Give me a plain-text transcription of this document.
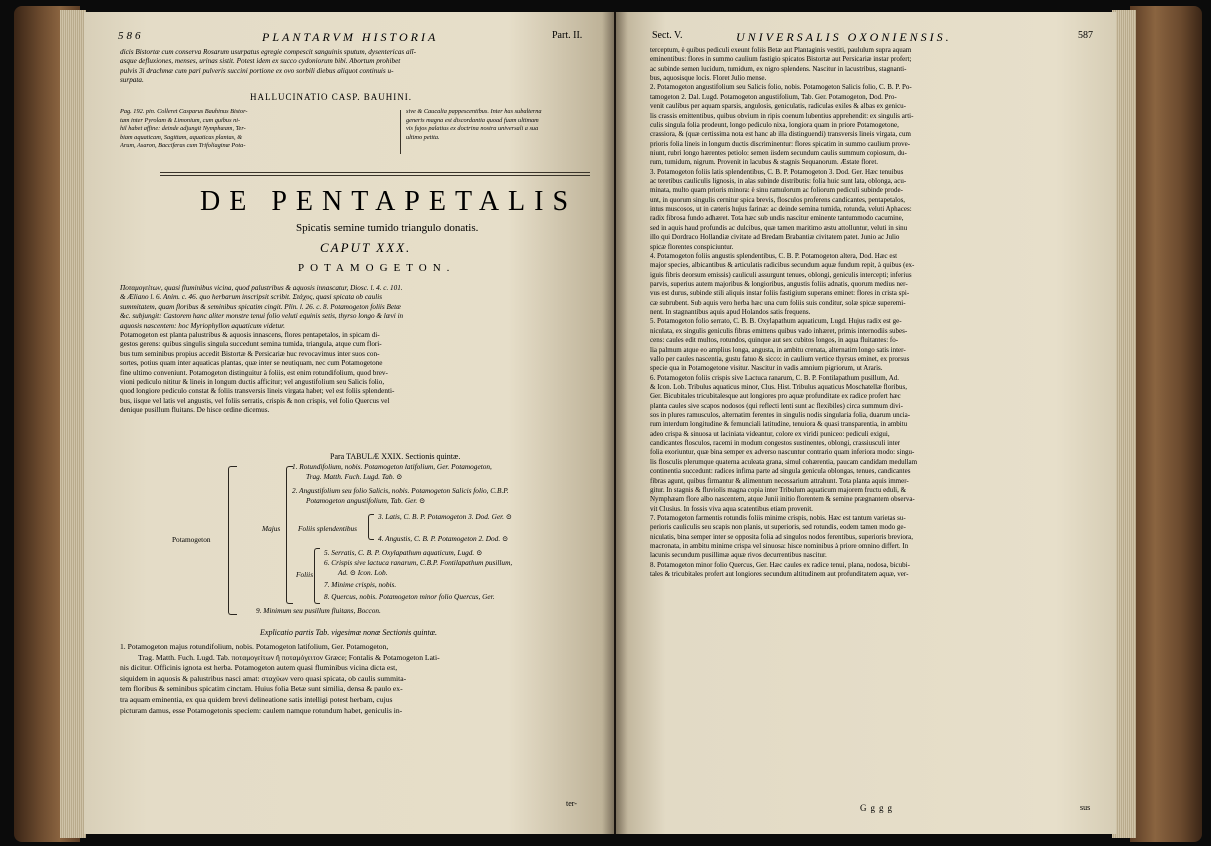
586	PLANTARVM HISTORIA	Part. II.

dicis Bistortæ cum conserva Rosarum usurpatus egregie compescit sanguinis sputum, dysentericas alī-

asque defluxiones, menses, urinas sistit. Potest idem ex succo cydoniorum bibi. Abortum prohibet

pulvis 3i drachmæ cum pari pulveris succini portione ex ovo sorbili diebus aliquot continuis u-

surpata.

HALLUCINATIO CASP. BAUHINI.

Pag. 192. pin. Colleret Casparus Bauhinus Bistor-

tam inter Pyrolam & Limonium, cum quibus ni-

hil habet affine: deinde adjungit Nymphæam, Ter-

biam aquaticam, Sagittam, aquaticas plantas, &

Arum, Asaron, Bacciferas cum Trifoliaginæ Pota-

sive & Caucalia pappescentibus. Inter has subalterna

generis magna est discordantia quoad fuam ultimam

vis fujos palatius ex doctrina nostra universali a sua

ultimo petita.

DE PENTAPETALIS
Spicatis semine tumido triangulo donatis.
CAPUT XXX.
POTAMOGETON.

Ποταμογείτων, quasi fluminibus vicina, quod palustribus & aquosis innascatur, Diosc. l. 4. c. 101.

& Æliano l. 6. Anim. c. 46. quo herbarum inscripsit scribit. Στάχυς, quasi spicata ob caulis

summitatem, quam floribus & seminibus spicatim cingit. Plin. l. 26. c. 8. Potamogeton foliis Betæ

&c. subjungit: Castorem hanc aliter monstre tenui folio veluti equinis setis, thyrso longo & lævi in

aquosis nascentem: hoc Myriophyllon aquaticum videtur.

Potamogeton est planta palustribus & aquosis innascens, flores pentapetalos, in spicam di-

gestos gerens: quibus singulis singula succedunt semina tumida, triangula, atque cum flori-

bus tum seminibus propius accedit Bistortæ & Persicariæ huc revocavimus inter suos con-

sortes, potius quam inter aquaticas plantas, quæ inter se neutiquam, nec cum Potamogetone

fine ultimo conveniunt. Potamogeton distinguitur à foliis, est enim rotundifolium, quod brev-

vioni pediculo nititur & lineis in longum ductis afficitur; vel angustifolium seu Salicis folio,

quod longiore pediculo constat & foliis transversis lineis virgata habet; vel est foliis splendenti-

bus, iisque vel latis vel angustis, vel foliis serratis, crispis & non crispis, vel folio Quercus vel

denique pusillum fluitans. De hisce ordine dicemus.

Para TABULÆ XXIX. Sectionis quintæ.
Potamogeton
Majus Foliis splendentibus
Foliis
1. Rotundifolium, nobis. Potamogeton latifolium, Ger. Potamogeton,
Trag. Matth. Fuch. Lugd. Tab. ⊙
2. Angustifolium seu folio Salicis, nobis. Potamogeton Salicis folio, C.B.P.
Potamogeton angustifolium, Tab. Ger. ⊙
3. Latis, C. B. P. Potamogeton 3. Dod. Ger. ⊙
4. Angustis, C. B. P. Potamogeton 2. Dod. ⊙
5. Serratis, C. B. P. Oxylapathum aquaticum, Lugd. ⊙
6. Crispis sive lactuca ranarum, C.B.P. Fontilapathum pusillum,
Ad. ⊙ Icon. Lob.
7. Minime crispis, nobis.
8. Quercus, nobis. Potamogeton minor folio Quercus, Ger.
9. Minimum seu pusillum fluitans, Boccon.
Explicatio partis Tab. vigesimæ nonæ Sectionis quintæ.

1. Potamogeton majus rotundifolium, nobis. Potamogeton latifolium, Ger. Potamogeton,

Trag. Matth. Fuch. Lugd. Tab. ποταμογείτων ἢ ποταμόγειτον Græce; Fontalis & Potamogeton Lati-

nis dicitur. Officinis ignota est herba. Potamogeton autem quasi fluminibus vicina dicta est,

siquidem in aquosis & palustribus nasci amat: σταχύων vero quasi spicata, ob caulis summita-

tem floribus & seminibus spicatim cinctam. Huius folia Betæ sunt similia, densa & paulo ex-

tra aquam eminentia, ex qua quidem brevi delineatione satis intelligi potest herbam, cujus

picturam damus, esse Potamogetonis speciem: caulem namque rotundum habet, geniculis in-

ter-
Sect. V.	UNIVERSALIS OXONIENSIS.	587

terceptum, è quibus pediculi exeunt foliis Betæ aut Plantaginis vestiti, paululum supra aquam

eminentibus: flores in summo caulium fastigio spicatos Bistortæ aut Persicariæ instar profert;

ac subinde semen lucidum, tumidum, ex nigro splendens. Nascitur in lacustribus, stagnanti-

bus, aquosisque locis. Floret Julio mense.

2. Potamogeton angustifolium seu Salicis folio, nobis. Potamogeton Salicis folio, C. B. P. Po-

tamogeton 2. Dal. Lugd. Potamogeton angustifolium, Tab. Ger. Potamogeton, Dod. Pro-

venit caulibus per aquam sparsis, angulosis, geniculatis, radiculas exiles & albas ex genicu-

lis crassis emittentibus, quibus obvium in ripis coenum lubentius apprehendit: ex singulis arti-

culis singula folia prodeunt, longo pediculo nixa, longiora quam in priore Potamogetone,

crassiora, & (quæ certissima nota est hanc ab illa distinguendi) transversis lineis virgata, cum

prioris folia lineis in longum ductis discriminentur: flores spicatim in summo caulium prove-

niunt, rubri longo hærentes petiolo: semen iisdem secundum caulis summum copiosum, du-

rum, tumidum, nigrum. Provenit in lacubus & stagnis Sequanorum. Æstate floret.

3. Potamogeton foliis latis splendentibus, C. B. P. Potamogeton 3. Dod. Ger. Hæc tenuibus

ac teretibus cauliculis lignosis, in alas subinde distributis: folia huic sunt lata, oblonga, acu-

minata, multo quam prioris minora: è sinu ramulorum ac foliorum pediculi subinde prode-

unt, in quorum singulis cernitur spica brevis, flosculos proferens candicantes, pentapetalos,

intus muscosos, ut in cæteris hujus farinæ: ac deinde semina tumida, rotunda, veluti Aphaces:

radix fibrosa fundo adhæret. Tota hæc sub undis nascitur eminente tantummodo cacumine,

sed in aquis haud profundis ac dulcibus, quæ tamen maritimo æstu attolluntur, veluti in sinu

illo qui Dordraco Hollandiæ civitate ad Bredam Brabantiæ civitatem patet. Junio ac Julio

spicæ florentes conspiciuntur.

4. Potamogeton foliis angustis splendentibus, C. B. P. Potamogeton altera, Dod. Hæc est

major species, albicantibus & articulatis radicibus secundum aquæ fundum repit, à quibus (ex-

iguis fibris deorsum emissis) cauliculi assurgunt tenues, oblongi, geniculis intercepti; inferius

parvis, superius autem majoribus & longioribus, angustis foliis adnatis, quorum medius ner-

vus est durus, subinde stili aliquis instar foliis fastigium superans eminet: flores in crista spi-

cæ subrubent. Sub aquis vero herba hæc una cum foliis suis conditur, solæ spicæ superemi-

nent. In stagnantibus aquis apud Holandos satis frequens.

5. Potamogeton folio serrato, C. B. B. Oxylapathum aquaticum, Lugd. Hujus radix est ge-

niculata, ex singulis geniculis fibras emittens quibus vado inhæret, primis internodiis subes-

cens: caules edit multos, rotundos, quinque aut sex cubitos longos, in aqua fluitantes: fo-

lia palmum atque eo amplius longa, angusta, in ambitu crenata, alternatim longo satis inter-

vallo per caules nascentia, gustu fatuo & sicco: in caulium vertice thyrsus eminet, ex prorsus

specie qua in Potamogetone visitur. Nascitur in vadis amnium pigriorum, ut Araris.

6. Potamogeton foliis crispis sive Lactuca ranarum, C. B. P. Fontilapathum pusillum, Ad.

& Icon. Lob. Tribulus aquaticus minor, Clus. Hist. Tribulus aquaticus Moschatellæ floribus,

Ger. Bicubitales tricubitalesque aut longiores pro aquæ profunditate ex radice profert hæc

planta caules sive scapos nodosos (qui reflecti lenti sunt ac flexibiles) circa summum divi-

sos in plures ramusculos, alternatim ferentes in singulis nodis singularia folia, duarum uncia-

rum interdum longitudine & femunciali latitudine, tenuiora & quasi transparentia, in ambitu

adeo crispa & sinuosa ut laciniata videantur, colore ex viridi puniceo: pediculi exigui,

candicantes flosculos, racemi in modum congestos sustinentes, oblongi, crassiusculi inter

folia exoriuntur, quæ bina semper ex adverso nascuntur contrario quam inferiora modo: singu-

lis flosculis plerumque quaterna aculeata grana, simul cohærentia, paucam candidam medullam

continentia succedunt: radices infima parte ad singula genicula oblongas, tenues, candicantes

fibras agunt, quibus firmantur & alimentum necessarium attrahunt. Tota planta aquis immer-

gitur. In stagnis & fluviolis magna copia inter Tribulum aquaticum majorem fructu eduli, &

Nymphæam flore albo nascentem, atque Junii initio florentem & semine prægnantem observa-

vit Clusius. In fossis viva aqua scatentibus etiam provenit.

7. Potamogeton farmentis rotundis foliis minime crispis, nobis. Hæc est tantum varietas su-

perioris cauliculis seu scapis non planis, ut superioris, sed rotundis, eodem tamen modo ge-

niculatis, bina semper inter se opposita folia ad singulos nodos ferentibus, superioris breviora,

macronata, in ambitu minime crispa vel sinuosa: hisce nominibus à priore omnino differt. In

lacunis secundum pusillimæ aquæ rivos decurrentibus nascitur.

8. Potamogeton minor folio Quercus, Ger. Hæc caules ex radice tenui, plana, nodosa, bicubi-

tales & tricubitales profert aut longiores secundum altitudinem aut profunditatem aquæ, ver-

Gggg	sus
